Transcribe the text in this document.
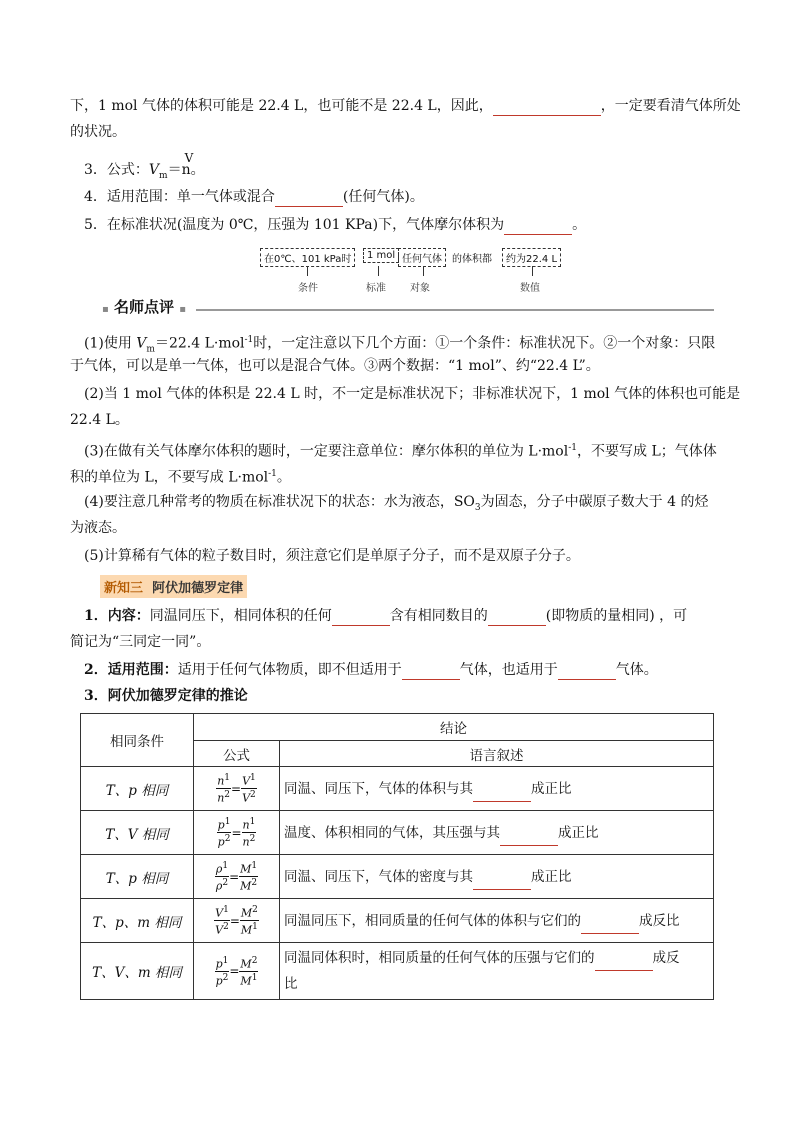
下，1 mol 气体的体积可能是 22.4 L，也可能不是 22.4 L，因此，	，一定要看清气体所处
的状况。
3．公式：$V_m=$
V
n。
4．适用范围：单一气体或混合	(任何气体)。
5．在标准状况(温度为 0℃，压强为 101 KPa)下，气体摩尔体积为	。
在0℃、101 kPa时	1 mol 任何气体	的体积都	约为22.4 L
条件	标准 对象	数值
▪ 名师点评 ▪
(1)使用 $V_m=22.4$ L·mol$^{-1}$时，一定注意以下几个方面：①一个条件：标准状况下。②一个对象：只限
于气体，可以是单一气体，也可以是混合气体。③两个数据：“1 mol”、约“22.4 L”。
(2)当 1 mol 气体的体积是 22.4 L 时，不一定是标准状况下；非标准状况下，1 mol 气体的体积也可能是
22.4 L。
(3)在做有关气体摩尔体积的题时，一定要注意单位：摩尔体积的单位为 L·mol$^{-1}$，不要写成 L；气体体
积的单位为 L，不要写成 L·mol$^{-1}$。
(4)要注意几种常考的物质在标准状况下的状态：水为液态，$SO_3$为固态，分子中碳原子数大于 4 的烃
为液态。
(5)计算稀有气体的粒子数目时，须注意它们是单原子分子，而不是双原子分子。
新知三 阿伏加德罗定律
1．内容：同温同压下，相同体积的任何	含有相同数目的	(即物质的量相同) ，可
简记为“三同定一同”。
2．适用范围：适用于任何气体物质，即不但适用于	气体，也适用于	气体。
3．阿伏加德罗定律的推论
相同条件	结论	
	公式	语言叙述
T、p 相同	$\frac{n^1}{n^2} = \frac{V^1}{V^2}$	同温、同压下，气体的体积与其 成正比
T、V 相同	$\frac{p^1}{p^2} = \frac{n^1}{n^2}$	温度、体积相同的气体，其压强与其 成正比
T、p 相同	$\frac{\rho^1}{\rho^2} = \frac{M^1}{M^2}$	同温、同压下，气体的密度与其 成正比
T、p、m 相同	$\frac{V^1}{V^2} = \frac{M^2}{M^1}$	同温同压下，相同质量的任何气体的体积与它们的 成反比
T、V、m 相同	$\frac{p^1}{p^2} = \frac{M^2}{M^1}$	同温同体积时，相同质量的任何气体的压强与它们的 成反
比
